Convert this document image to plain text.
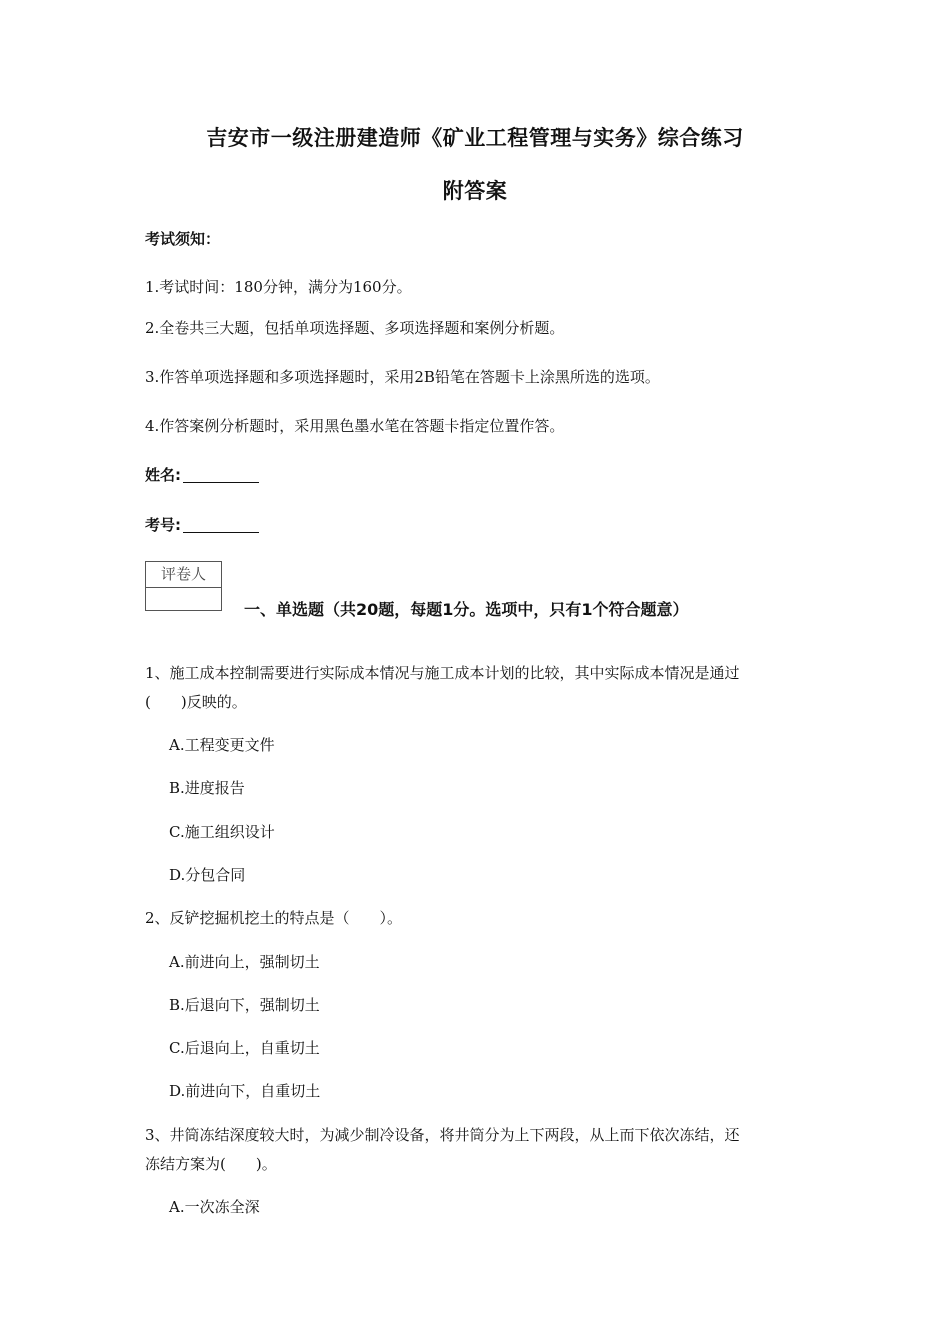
吉安市一级注册建造师《矿业工程管理与实务》综合练习
附答案
考试须知：
1.考试时间：180分钟，满分为160分。
2.全卷共三大题，包括单项选择题、多项选择题和案例分析题。
3.作答单项选择题和多项选择题时，采用2B铅笔在答题卡上涂黑所选的选项。
4.作答案例分析题时，采用黑色墨水笔在答题卡指定位置作答。
姓名:
考号:
评卷人
一、单选题（共20题，每题1分。选项中，只有1个符合题意）
1、施工成本控制需要进行实际成本情况与施工成本计划的比较，其中实际成本情况是通过
(　　)反映的。
A.工程变更文件
B.进度报告
C.施工组织设计
D.分包合同
2、反铲挖掘机挖土的特点是（　　）。
A.前进向上，强制切土
B.后退向下，强制切土
C.后退向上，自重切土
D.前进向下，自重切土
3、井筒冻结深度较大时，为减少制冷设备，将井筒分为上下两段，从上而下依次冻结，还
冻结方案为(　　)。
A.一次冻全深
